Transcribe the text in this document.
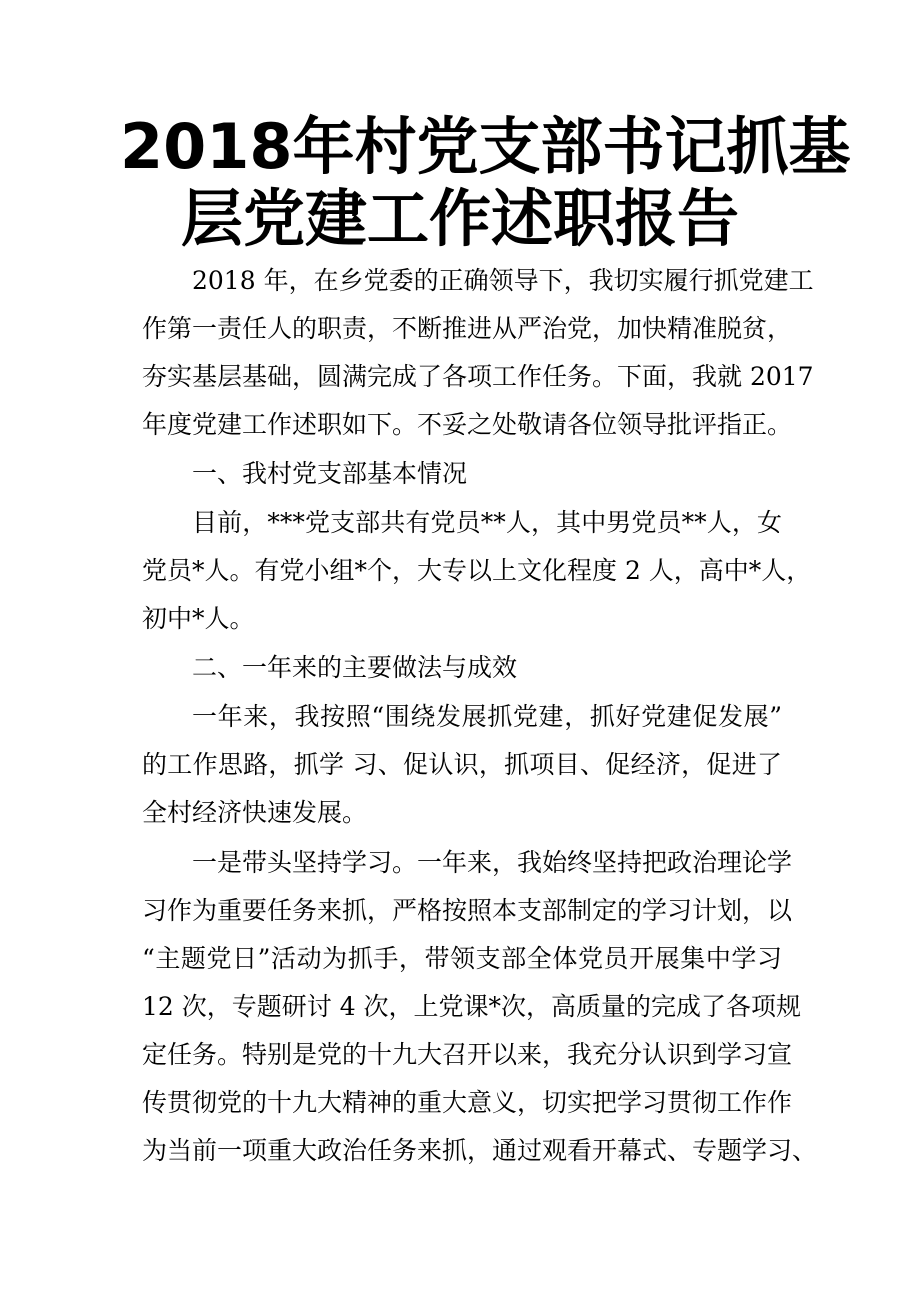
2018年村党支部书记抓基
层党建工作述职报告
2018 年，在乡党委的正确领导下，我切实履行抓党建工
作第一责任人的职责，不断推进从严治党，加快精准脱贫，
夯实基层基础，圆满完成了各项工作任务。下面，我就 2017
年度党建工作述职如下。不妥之处敬请各位领导批评指正。
一、我村党支部基本情况
目前，***党支部共有党员**人，其中男党员**人，女
党员*人。有党小组*个，大专以上文化程度 2 人，高中*人，
初中*人。
二、一年来的主要做法与成效
一年来，我按照“围绕发展抓党建，抓好党建促发展”
的工作思路，抓学 习、促认识，抓项目、促经济，促进了
全村经济快速发展。
一是带头坚持学习。一年来，我始终坚持把政治理论学
习作为重要任务来抓，严格按照本支部制定的学习计划，以
“主题党日”活动为抓手，带领支部全体党员开展集中学习
12 次，专题研讨 4 次，上党课*次，高质量的完成了各项规
定任务。特别是党的十九大召开以来，我充分认识到学习宣
传贯彻党的十九大精神的重大意义，切实把学习贯彻工作作
为当前一项重大政治任务来抓，通过观看开幕式、专题学习、
